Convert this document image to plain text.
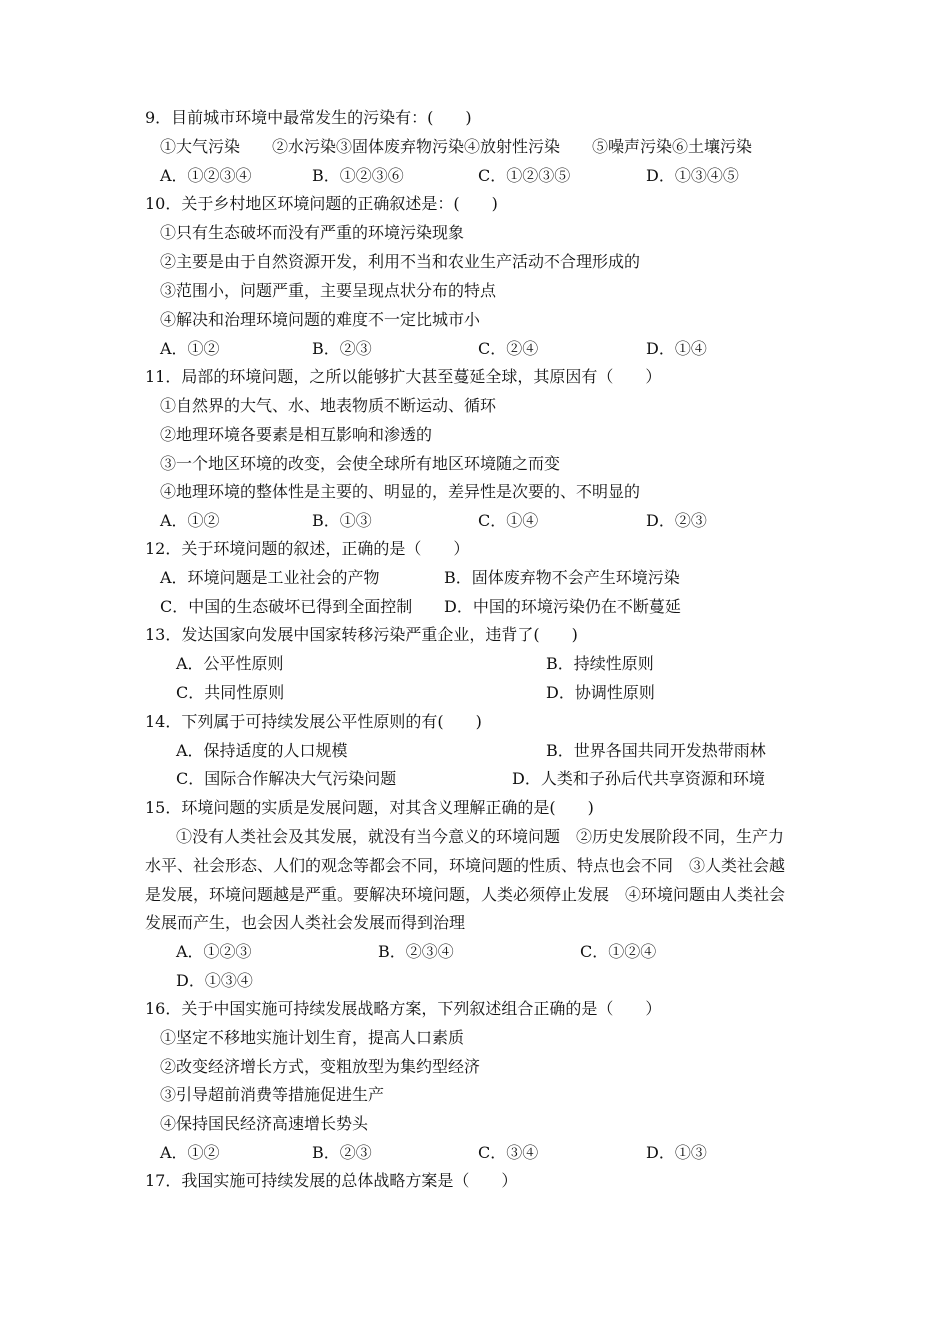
9．目前城市环境中最常发生的污染有：(　　)
①大气污染　　②水污染③固体废弃物污染④放射性污染　　⑤噪声污染⑥土壤污染
A．①②③④	B．①②③⑥	C．①②③⑤	D．①③④⑤
10．关于乡村地区环境问题的正确叙述是：(　　)
①只有生态破坏而没有严重的环境污染现象
②主要是由于自然资源开发，利用不当和农业生产活动不合理形成的
③范围小，问题严重，主要呈现点状分布的特点
④解决和治理环境问题的难度不一定比城市小
A．①②	B．②③	C．②④	D．①④
11．局部的环境问题，之所以能够扩大甚至蔓延全球，其原因有（　　）
①自然界的大气、水、地表物质不断运动、循环
②地理环境各要素是相互影响和渗透的
③一个地区环境的改变，会使全球所有地区环境随之而变
④地理环境的整体性是主要的、明显的，差异性是次要的、不明显的
A．①②	B．①③	C．①④	D．②③
12．关于环境问题的叙述，正确的是（　　）
A．环境问题是工业社会的产物	B．固体废弃物不会产生环境污染
C．中国的生态破坏已得到全面控制 D．中国的环境污染仍在不断蔓延
13．发达国家向发展中国家转移污染严重企业，违背了(　　)
A．公平性原则	B．持续性原则
C．共同性原则	D．协调性原则
14．下列属于可持续发展公平性原则的有(　　)
A．保持适度的人口规模	B．世界各国共同开发热带雨林
C．国际合作解决大气污染问题	D．人类和子孙后代共享资源和环境
15．环境问题的实质是发展问题，对其含义理解正确的是(　　)
①没有人类社会及其发展，就没有当今意义的环境问题　②历史发展阶段不同，生产力
水平、社会形态、人们的观念等都会不同，环境问题的性质、特点也会不同　③人类社会越
是发展，环境问题越是严重。要解决环境问题，人类必须停止发展　④环境问题由人类社会
发展而产生，也会因人类社会发展而得到治理
A．①②③	B．②③④	C．①②④
D．①③④
16．关于中国实施可持续发展战略方案，下列叙述组合正确的是（　　）
①坚定不移地实施计划生育，提高人口素质
②改变经济增长方式，变粗放型为集约型经济
③引导超前消费等措施促进生产
④保持国民经济高速增长势头
A．①②	B．②③	C．③④	D．①③
17．我国实施可持续发展的总体战略方案是（　　）
